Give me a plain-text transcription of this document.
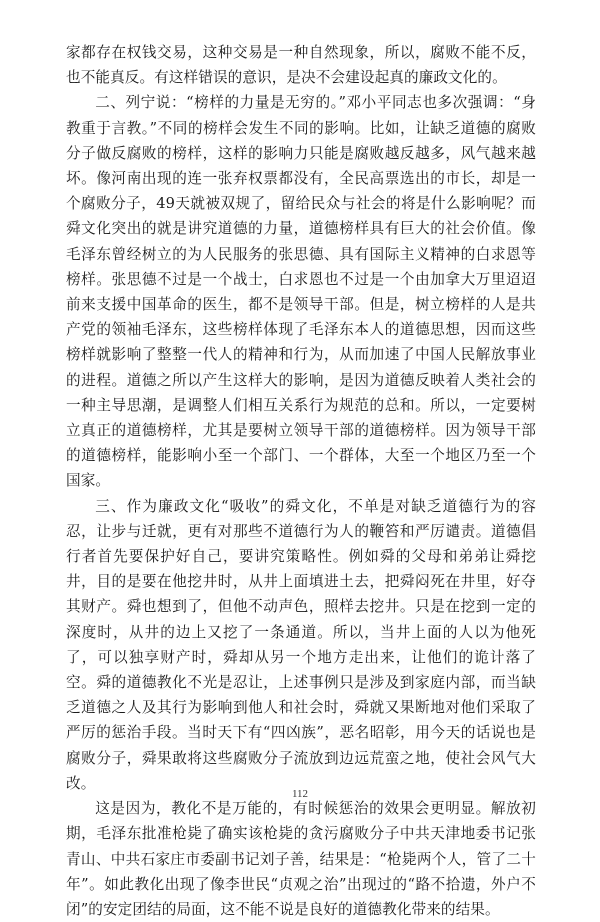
家都存在权钱交易，这种交易是一种自然现象，所以，腐败不能不反，也不能真反。有这样错误的意识，是决不会建设起真的廉政文化的。

二、列宁说：“榜样的力量是无穷的。”邓小平同志也多次强调：“身教重于言教。”不同的榜样会发生不同的影响。比如，让缺乏道德的腐败分子做反腐败的榜样，这样的影响力只能是腐败越反越多，风气越来越坏。像河南出现的连一张弃权票都没有，全民高票选出的市长，却是一个腐败分子，49天就被双规了，留给民众与社会的将是什么影响呢？而舜文化突出的就是讲究道德的力量，道德榜样具有巨大的社会价值。像毛泽东曾经树立的为人民服务的张思德、具有国际主义精神的白求恩等榜样。张思德不过是一个战士，白求恩也不过是一个由加拿大万里迢迢前来支援中国革命的医生，都不是领导干部。但是，树立榜样的人是共产党的领袖毛泽东，这些榜样体现了毛泽东本人的道德思想，因而这些榜样就影响了整整一代人的精神和行为，从而加速了中国人民解放事业的进程。道德之所以产生这样大的影响，是因为道德反映着人类社会的一种主导思潮，是调整人们相互关系行为规范的总和。所以，一定要树立真正的道德榜样，尤其是要树立领导干部的道德榜样。因为领导干部的道德榜样，能影响小至一个部门、一个群体，大至一个地区乃至一个国家。

三、作为廉政文化“吸收”的舜文化，不单是对缺乏道德行为的容忍，让步与迁就，更有对那些不道德行为人的鞭笞和严厉谴责。道德倡行者首先要保护好自己，要讲究策略性。例如舜的父母和弟弟让舜挖井，目的是要在他挖井时，从井上面填进土去，把舜闷死在井里，好夺其财产。舜也想到了，但他不动声色，照样去挖井。只是在挖到一定的深度时，从井的边上又挖了一条通道。所以，当井上面的人以为他死了，可以独享财产时，舜却从另一个地方走出来，让他们的诡计落了空。舜的道德教化不光是忍让，上述事例只是涉及到家庭内部，而当缺乏道德之人及其行为影响到他人和社会时，舜就又果断地对他们采取了严厉的惩治手段。当时天下有“四凶族”，恶名昭彰，用今天的话说也是腐败分子，舜果敢将这些腐败分子流放到边远荒蛮之地，使社会风气大改。

这是因为，教化不是万能的，有时候惩治的效果会更明显。解放初期，毛泽东批准枪毙了确实该枪毙的贪污腐败分子中共天津地委书记张青山、中共石家庄市委副书记刘子善，结果是：“枪毙两个人，管了二十年”。如此教化出现了像李世民“贞观之治”出现过的“路不拾遗，外户不闭”的安定团结的局面，这不能不说是良好的道德教化带来的结果。

112
